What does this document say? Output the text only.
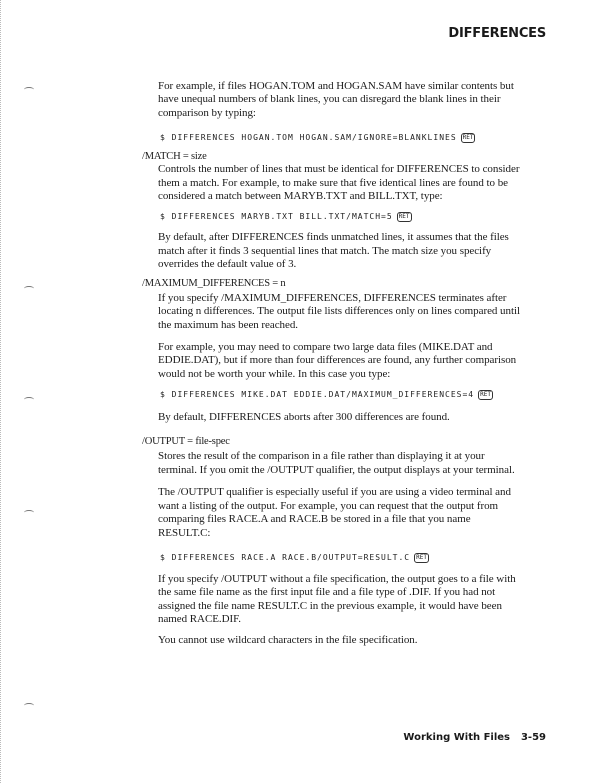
DIFFERENCES
For example, if files HOGAN.TOM and HOGAN.SAM have similar contents but
have unequal numbers of blank lines, you can disregard the blank lines in their
comparison by typing:
$ DIFFERENCES HOGAN.TOM HOGAN.SAM/IGNORE=BLANKLINES RET
/MATCH = size
Controls the number of lines that must be identical for DIFFERENCES to consider
them a match. For example, to make sure that five identical lines are found to be
considered a match between MARYB.TXT and BILL.TXT, type:
$ DIFFERENCES MARYB.TXT BILL.TXT/MATCH=5 RET
By default, after DIFFERENCES finds unmatched lines, it assumes that the files
match after it finds 3 sequential lines that match. The match size you specify
overrides the default value of 3.
/MAXIMUM_DIFFERENCES = n
If you specify /MAXIMUM_DIFFERENCES, DIFFERENCES terminates after
locating n differences. The output file lists differences only on lines compared until
the maximum has been reached.
For example, you may need to compare two large data files (MIKE.DAT and
EDDIE.DAT), but if more than four differences are found, any further comparison
would not be worth your while. In this case you type:
$ DIFFERENCES MIKE.DAT EDDIE.DAT/MAXIMUM_DIFFERENCES=4 RET
By default, DIFFERENCES aborts after 300 differences are found.
/OUTPUT = file-spec
Stores the result of the comparison in a file rather than displaying it at your
terminal. If you omit the /OUTPUT qualifier, the output displays at your terminal.
The /OUTPUT qualifier is especially useful if you are using a video terminal and
want a listing of the output. For example, you can request that the output from
comparing files RACE.A and RACE.B be stored in a file that you name
RESULT.C:
$ DIFFERENCES RACE.A RACE.B/OUTPUT=RESULT.C RET
If you specify /OUTPUT without a file specification, the output goes to a file with
the same file name as the first input file and a file type of .DIF. If you had not
assigned the file name RESULT.C in the previous example, it would have been
named RACE.DIF.
You cannot use wildcard characters in the file specification.
Working With Files 3-59
